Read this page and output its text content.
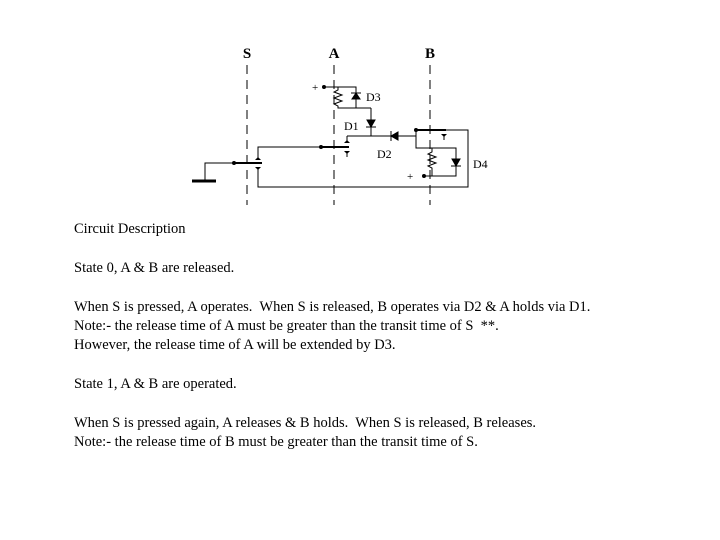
S	A	B
D3
D1
D2
D4
+
+
Circuit Description
State 0, A & B are released.
When S is pressed, A operates.  When S is released, B operates via D2 & A holds via D1.
Note:- the release time of A must be greater than the transit time of S  **.
However, the release time of A will be extended by D3.
State 1, A & B are operated.
When S is pressed again, A releases & B holds.  When S is released, B releases.
Note:- the release time of B must be greater than the transit time of S.
